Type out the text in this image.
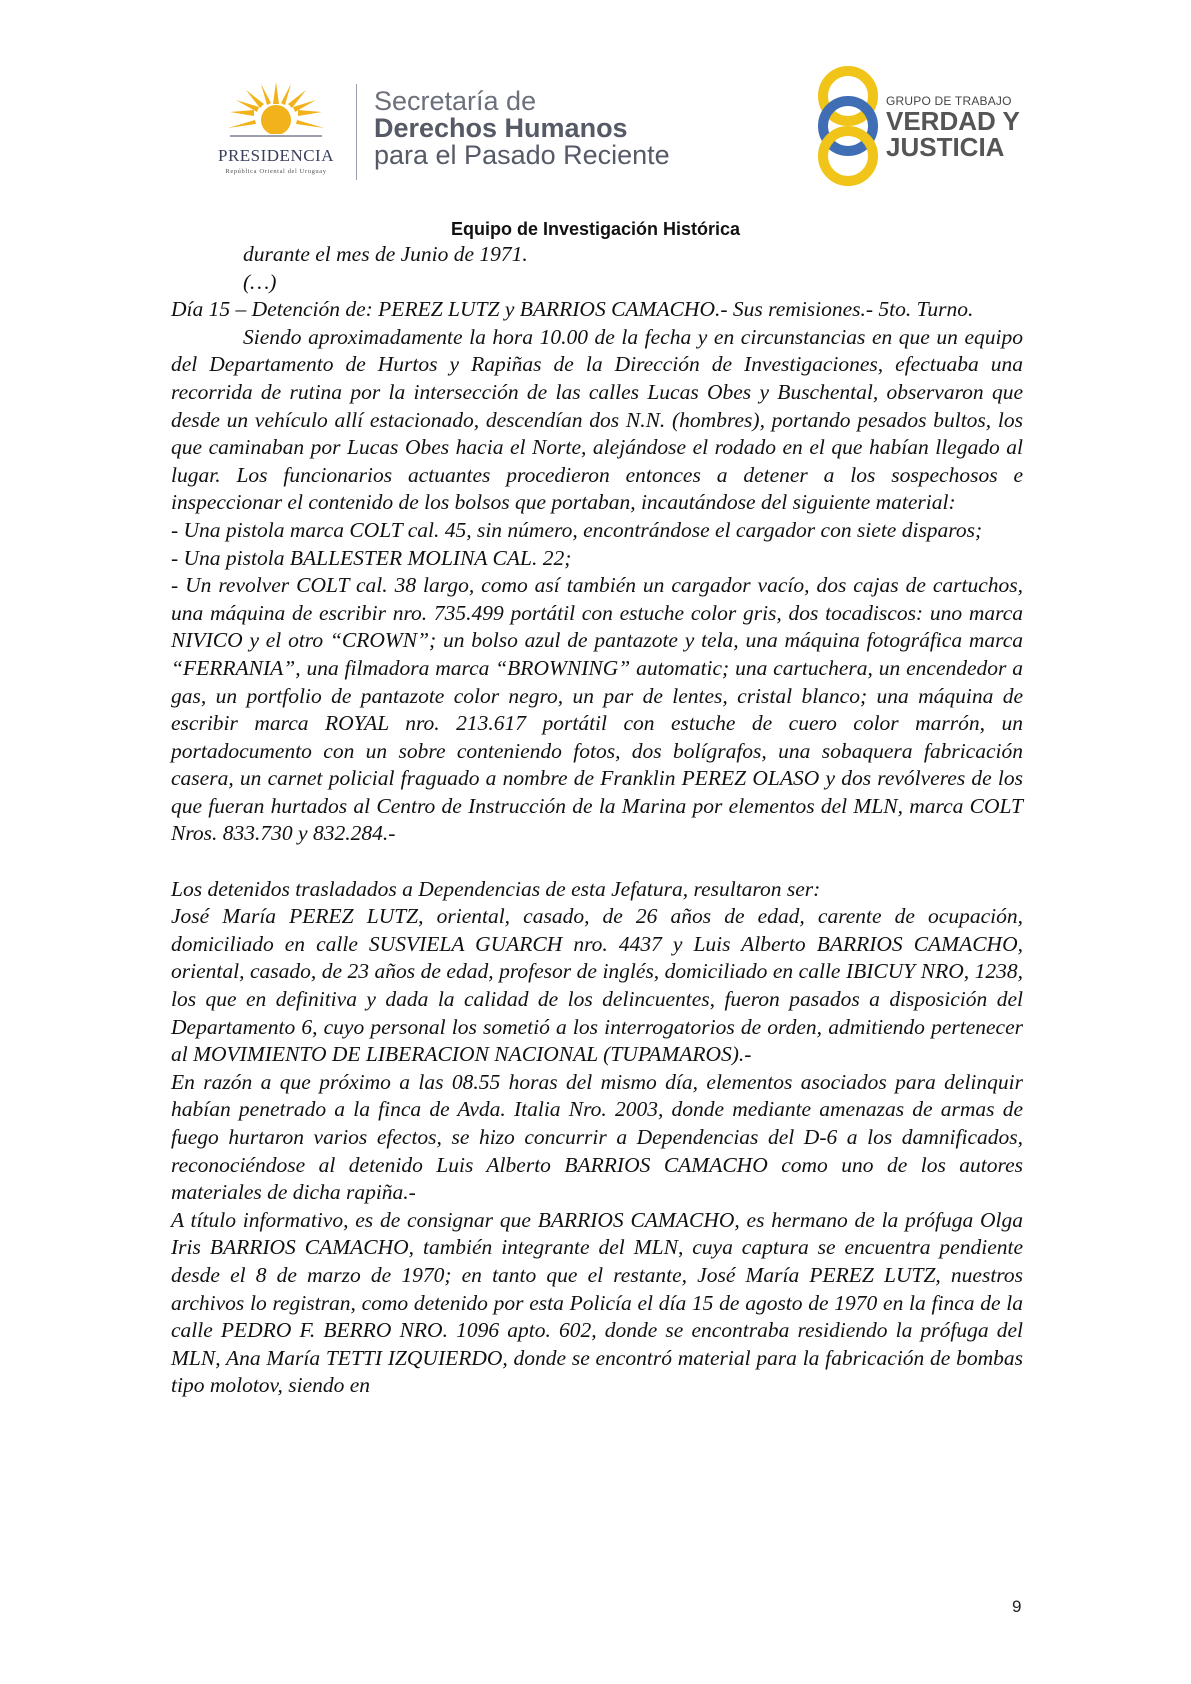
PRESIDENCIA
República Oriental del Uruguay
Secretaría de
Derechos Humanos
para el Pasado Reciente
GRUPO DE TRABAJO
VERDAD Y
JUSTICIA
Equipo de Investigación Histórica

durante el mes de Junio de 1971.

(…)

Día 15 – Detención de: PEREZ LUTZ y BARRIOS CAMACHO.- Sus remisiones.- 5to. Turno.

Siendo aproximadamente la hora 10.00 de la fecha y en circunstancias en que un equipo del Departamento de Hurtos y Rapiñas de la Dirección de Investigaciones, efectuaba una recorrida de rutina por la intersección de las calles Lucas Obes y Buschental, observaron que desde un vehículo allí estacionado, descendían dos N.N. (hombres), portando pesados bultos, los que caminaban por Lucas Obes hacia el Norte, alejándose el rodado en el que habían llegado al lugar. Los funcionarios actuantes procedieron entonces a detener a los sospechosos e inspeccionar el contenido de los bolsos que portaban, incautándose del siguiente material:

- Una pistola marca COLT cal. 45, sin número, encontrándose el cargador con siete disparos;

- Una pistola BALLESTER MOLINA CAL. 22;

- Un revolver COLT cal. 38 largo, como así también un cargador vacío, dos cajas de cartuchos, una máquina de escribir nro. 735.499 portátil con estuche color gris, dos tocadiscos: uno marca NIVICO y el otro “CROWN”; un bolso azul de pantazote y tela, una máquina fotográfica marca “FERRANIA”, una filmadora marca “BROWNING” automatic; una cartuchera, un encendedor a gas, un portfolio de pantazote color negro, un par de lentes, cristal blanco; una máquina de escribir marca ROYAL nro. 213.617 portátil con estuche de cuero color marrón, un portadocumento con un sobre conteniendo fotos, dos bolígrafos, una sobaquera fabricación casera, un carnet policial fraguado a nombre de Franklin PEREZ OLASO y dos revólveres de los que fueran hurtados al Centro de Instrucción de la Marina por elementos del MLN, marca COLT Nros. 833.730 y 832.284.-

Los detenidos trasladados a Dependencias de esta Jefatura, resultaron ser:

José María PEREZ LUTZ, oriental, casado, de 26 años de edad, carente de ocupación, domiciliado en calle SUSVIELA GUARCH nro. 4437 y Luis Alberto BARRIOS CAMACHO, oriental, casado, de 23 años de edad, profesor de inglés, domiciliado en calle IBICUY NRO, 1238, los que en definitiva y dada la calidad de los delincuentes, fueron pasados a disposición del Departamento 6, cuyo personal los sometió a los interrogatorios de orden, admitiendo pertenecer al MOVIMIENTO DE LIBERACION NACIONAL (TUPAMAROS).-

En razón a que próximo a las 08.55 horas del mismo día, elementos asociados para delinquir habían penetrado a la finca de Avda. Italia Nro. 2003, donde mediante amenazas de armas de fuego hurtaron varios efectos, se hizo concurrir a Dependencias del D-6 a los damnificados, reconociéndose al detenido Luis Alberto BARRIOS CAMACHO como uno de los autores materiales de dicha rapiña.-

A título informativo, es de consignar que BARRIOS CAMACHO, es hermano de la prófuga Olga Iris BARRIOS CAMACHO, también integrante del MLN, cuya captura se encuentra pendiente desde el 8 de marzo de 1970; en tanto que el restante, José María PEREZ LUTZ, nuestros archivos lo registran, como detenido por esta Policía el día 15 de agosto de 1970 en la finca de la calle PEDRO F. BERRO NRO. 1096 apto. 602, donde se encontraba residiendo la prófuga del MLN, Ana María TETTI IZQUIERDO, donde se encontró material para la fabricación de bombas tipo molotov, siendo en

9
